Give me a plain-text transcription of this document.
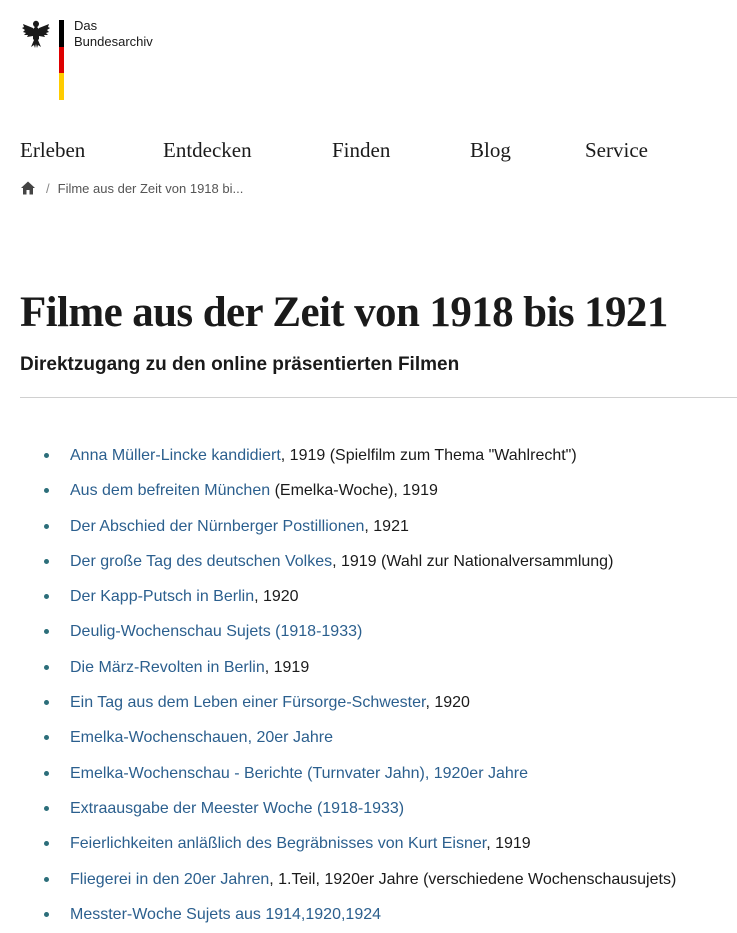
Das
Bundesarchiv
Erleben	Entdecken	Finden	Blog	Service
/ Filme aus der Zeit von 1918 bi...
Filme aus der Zeit von 1918 bis 1921
Direktzugang zu den online präsentierten Filmen
Anna Müller-Lincke kandidiert, 1919 (Spielfilm zum Thema "Wahlrecht")
Aus dem befreiten München (Emelka-Woche), 1919
Der Abschied der Nürnberger Postillionen, 1921
Der große Tag des deutschen Volkes, 1919 (Wahl zur Nationalversammlung)
Der Kapp-Putsch in Berlin, 1920
Deulig-Wochenschau Sujets (1918-1933)
Die März-Revolten in Berlin, 1919
Ein Tag aus dem Leben einer Fürsorge-Schwester, 1920
Emelka-Wochenschauen, 20er Jahre
Emelka-Wochenschau - Berichte (Turnvater Jahn), 1920er Jahre
Extraausgabe der Meester Woche (1918-1933)
Feierlichkeiten anläßlich des Begräbnisses von Kurt Eisner, 1919
Fliegerei in den 20er Jahren, 1.Teil, 1920er Jahre (verschiedene Wochenschausujets)
Messter-Woche Sujets aus 1914,1920,1924
